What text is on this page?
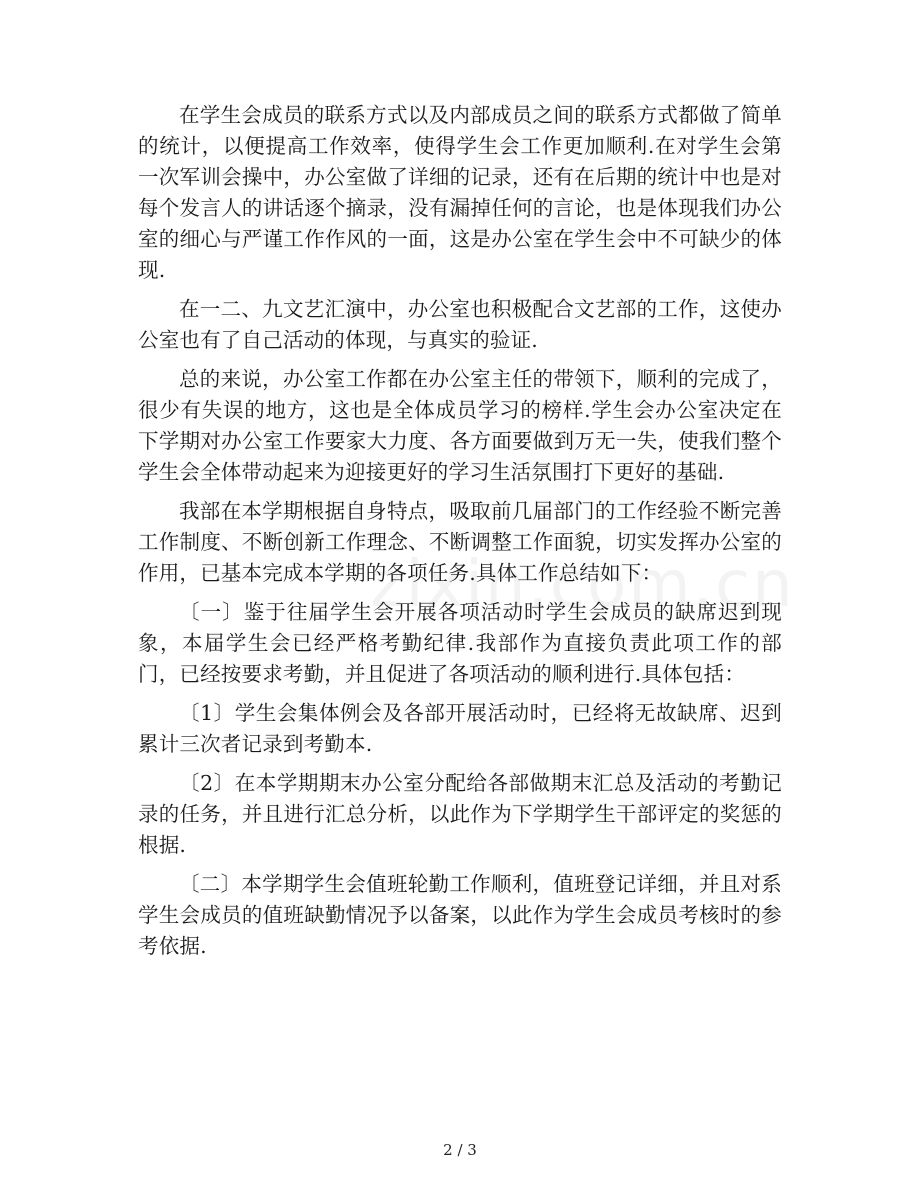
在学生会成员的联系方式以及内部成员之间的联系方式都做了简单的统计，以便提高工作效率，使得学生会工作更加顺利.在对学生会第一次军训会操中，办公室做了详细的记录，还有在后期的统计中也是对每个发言人的讲话逐个摘录，没有漏掉任何的言论，也是体现我们办公室的细心与严谨工作作风的一面，这是办公室在学生会中不可缺少的体现.

在一二、九文艺汇演中，办公室也积极配合文艺部的工作，这使办公室也有了自己活动的体现，与真实的验证.

总的来说，办公室工作都在办公室主任的带领下，顺利的完成了，很少有失误的地方，这也是全体成员学习的榜样.学生会办公室决定在下学期对办公室工作要家大力度、各方面要做到万无一失，使我们整个学生会全体带动起来为迎接更好的学习生活氛围打下更好的基础.

我部在本学期根据自身特点，吸取前几届部门的工作经验不断完善工作制度、不断创新工作理念、不断调整工作面貌，切实发挥办公室的作用，已基本完成本学期的各项任务.具体工作总结如下：

〔一〕鉴于往届学生会开展各项活动时学生会成员的缺席迟到现象，本届学生会已经严格考勤纪律.我部作为直接负责此项工作的部门，已经按要求考勤，并且促进了各项活动的顺利进行.具体包括：

〔1〕学生会集体例会及各部开展活动时，已经将无故缺席、迟到累计三次者记录到考勤本.

〔2〕在本学期期末办公室分配给各部做期末汇总及活动的考勤记录的任务，并且进行汇总分析，以此作为下学期学生干部评定的奖惩的根据.

〔二〕本学期学生会值班轮勤工作顺利，值班登记详细，并且对系学生会成员的值班缺勤情况予以备案，以此作为学生会成员考核时的参考依据.

2 / 3
